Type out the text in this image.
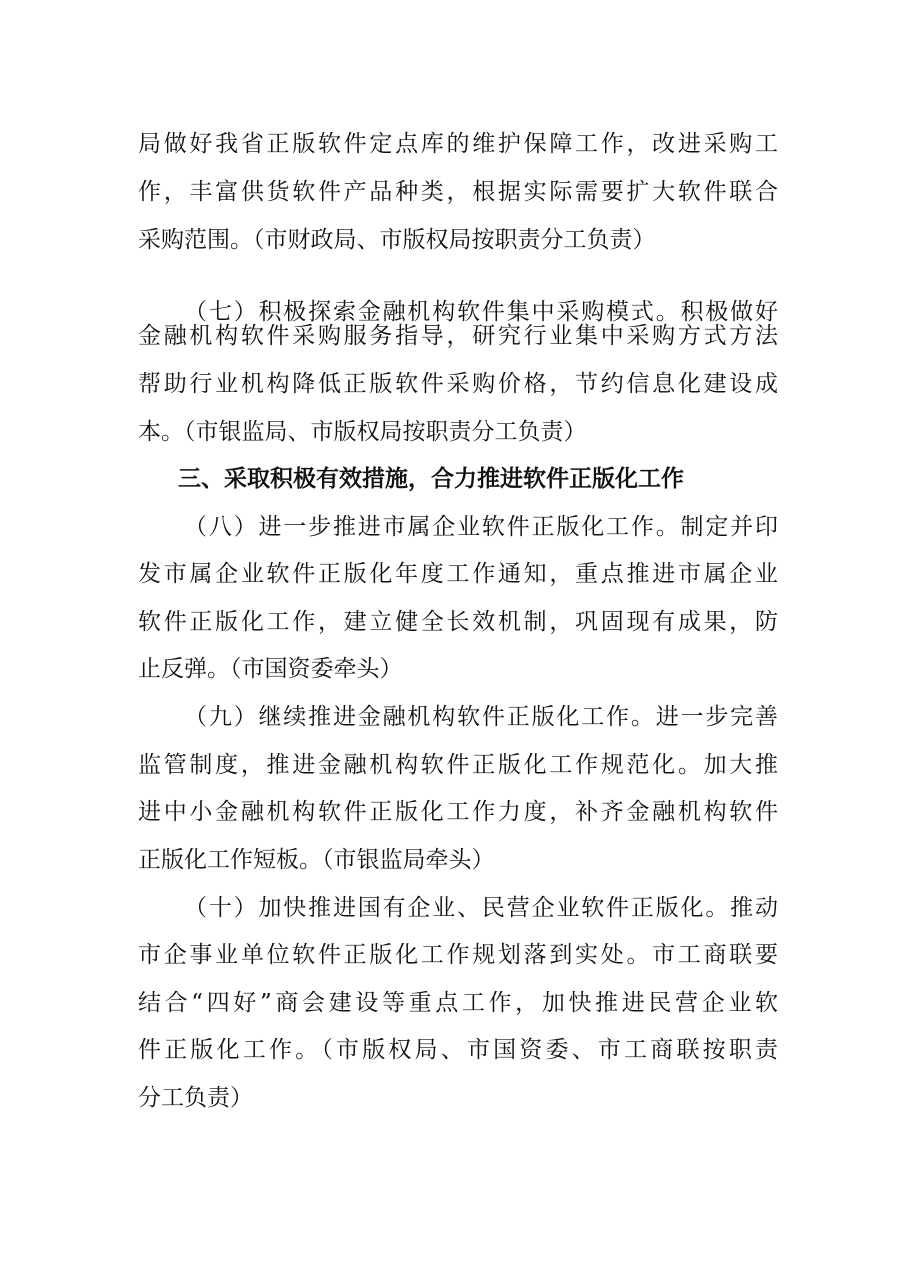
局做好我省正版软件定点库的维护保障工作，改进采购工
作，丰富供货软件产品种类，根据实际需要扩大软件联合
采购范围。（市财政局、市版权局按职责分工负责）
（七）积极探索金融机构软件集中采购模式。积极做好
金融机构软件采购服务指导，研究行业集中采购方式方法
帮助行业机构降低正版软件采购价格，节约信息化建设成
本。（市银监局、市版权局按职责分工负责）
三、采取积极有效措施，合力推进软件正版化工作
（八）进一步推进市属企业软件正版化工作。制定并印
发市属企业软件正版化年度工作通知，重点推进市属企业
软件正版化工作，建立健全长效机制，巩固现有成果，防
止反弹。（市国资委牵头）
（九）继续推进金融机构软件正版化工作。进一步完善
监管制度，推进金融机构软件正版化工作规范化。加大推
进中小金融机构软件正版化工作力度，补齐金融机构软件
正版化工作短板。（市银监局牵头）
（十）加快推进国有企业、民营企业软件正版化。推动
市企事业单位软件正版化工作规划落到实处。市工商联要
结合“四好”商会建设等重点工作，加快推进民营企业软
件正版化工作。（市版权局、市国资委、市工商联按职责
分工负责）
